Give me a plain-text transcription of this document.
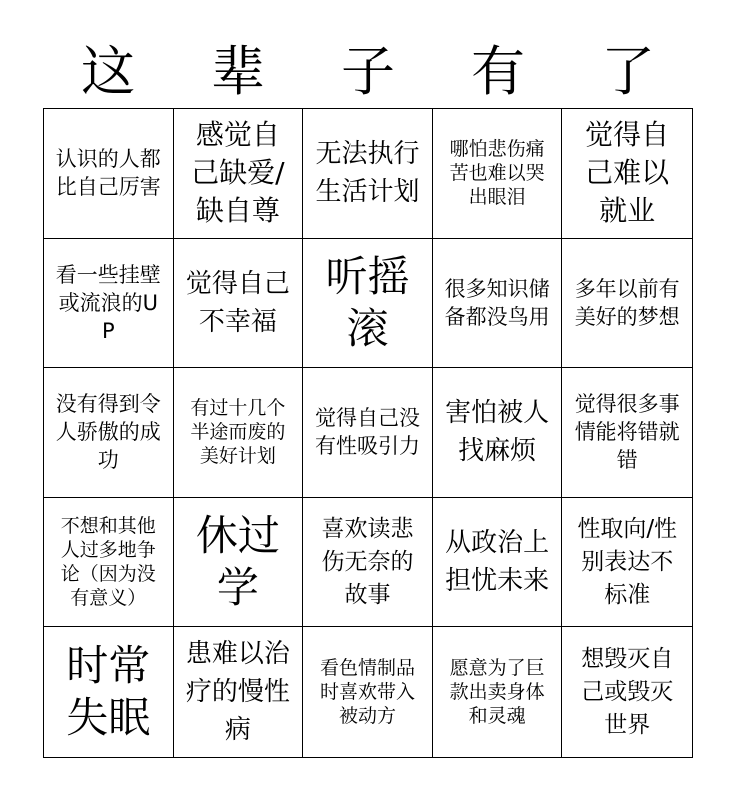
这	辈	子	有	了
认识的人都比自己厉害
感觉自己缺爱/缺自尊
无法执行生活计划
哪怕悲伤痛苦也难以哭出眼泪
觉得自己难以就业
看一些挂壁或流浪的UP
觉得自己不幸福
听摇滚
很多知识储备都没鸟用
多年以前有美好的梦想
没有得到令人骄傲的成功
有过十几个半途而废的美好计划
觉得自己没有性吸引力
害怕被人找麻烦
觉得很多事情能将错就错
不想和其他人过多地争论（因为没有意义）
休过学
喜欢读悲伤无奈的故事
从政治上担忧未来
性取向/性别表达不标准
时常失眠
患难以治疗的慢性病
看色情制品时喜欢带入被动方
愿意为了巨款出卖身体和灵魂
想毁灭自己或毁灭世界
